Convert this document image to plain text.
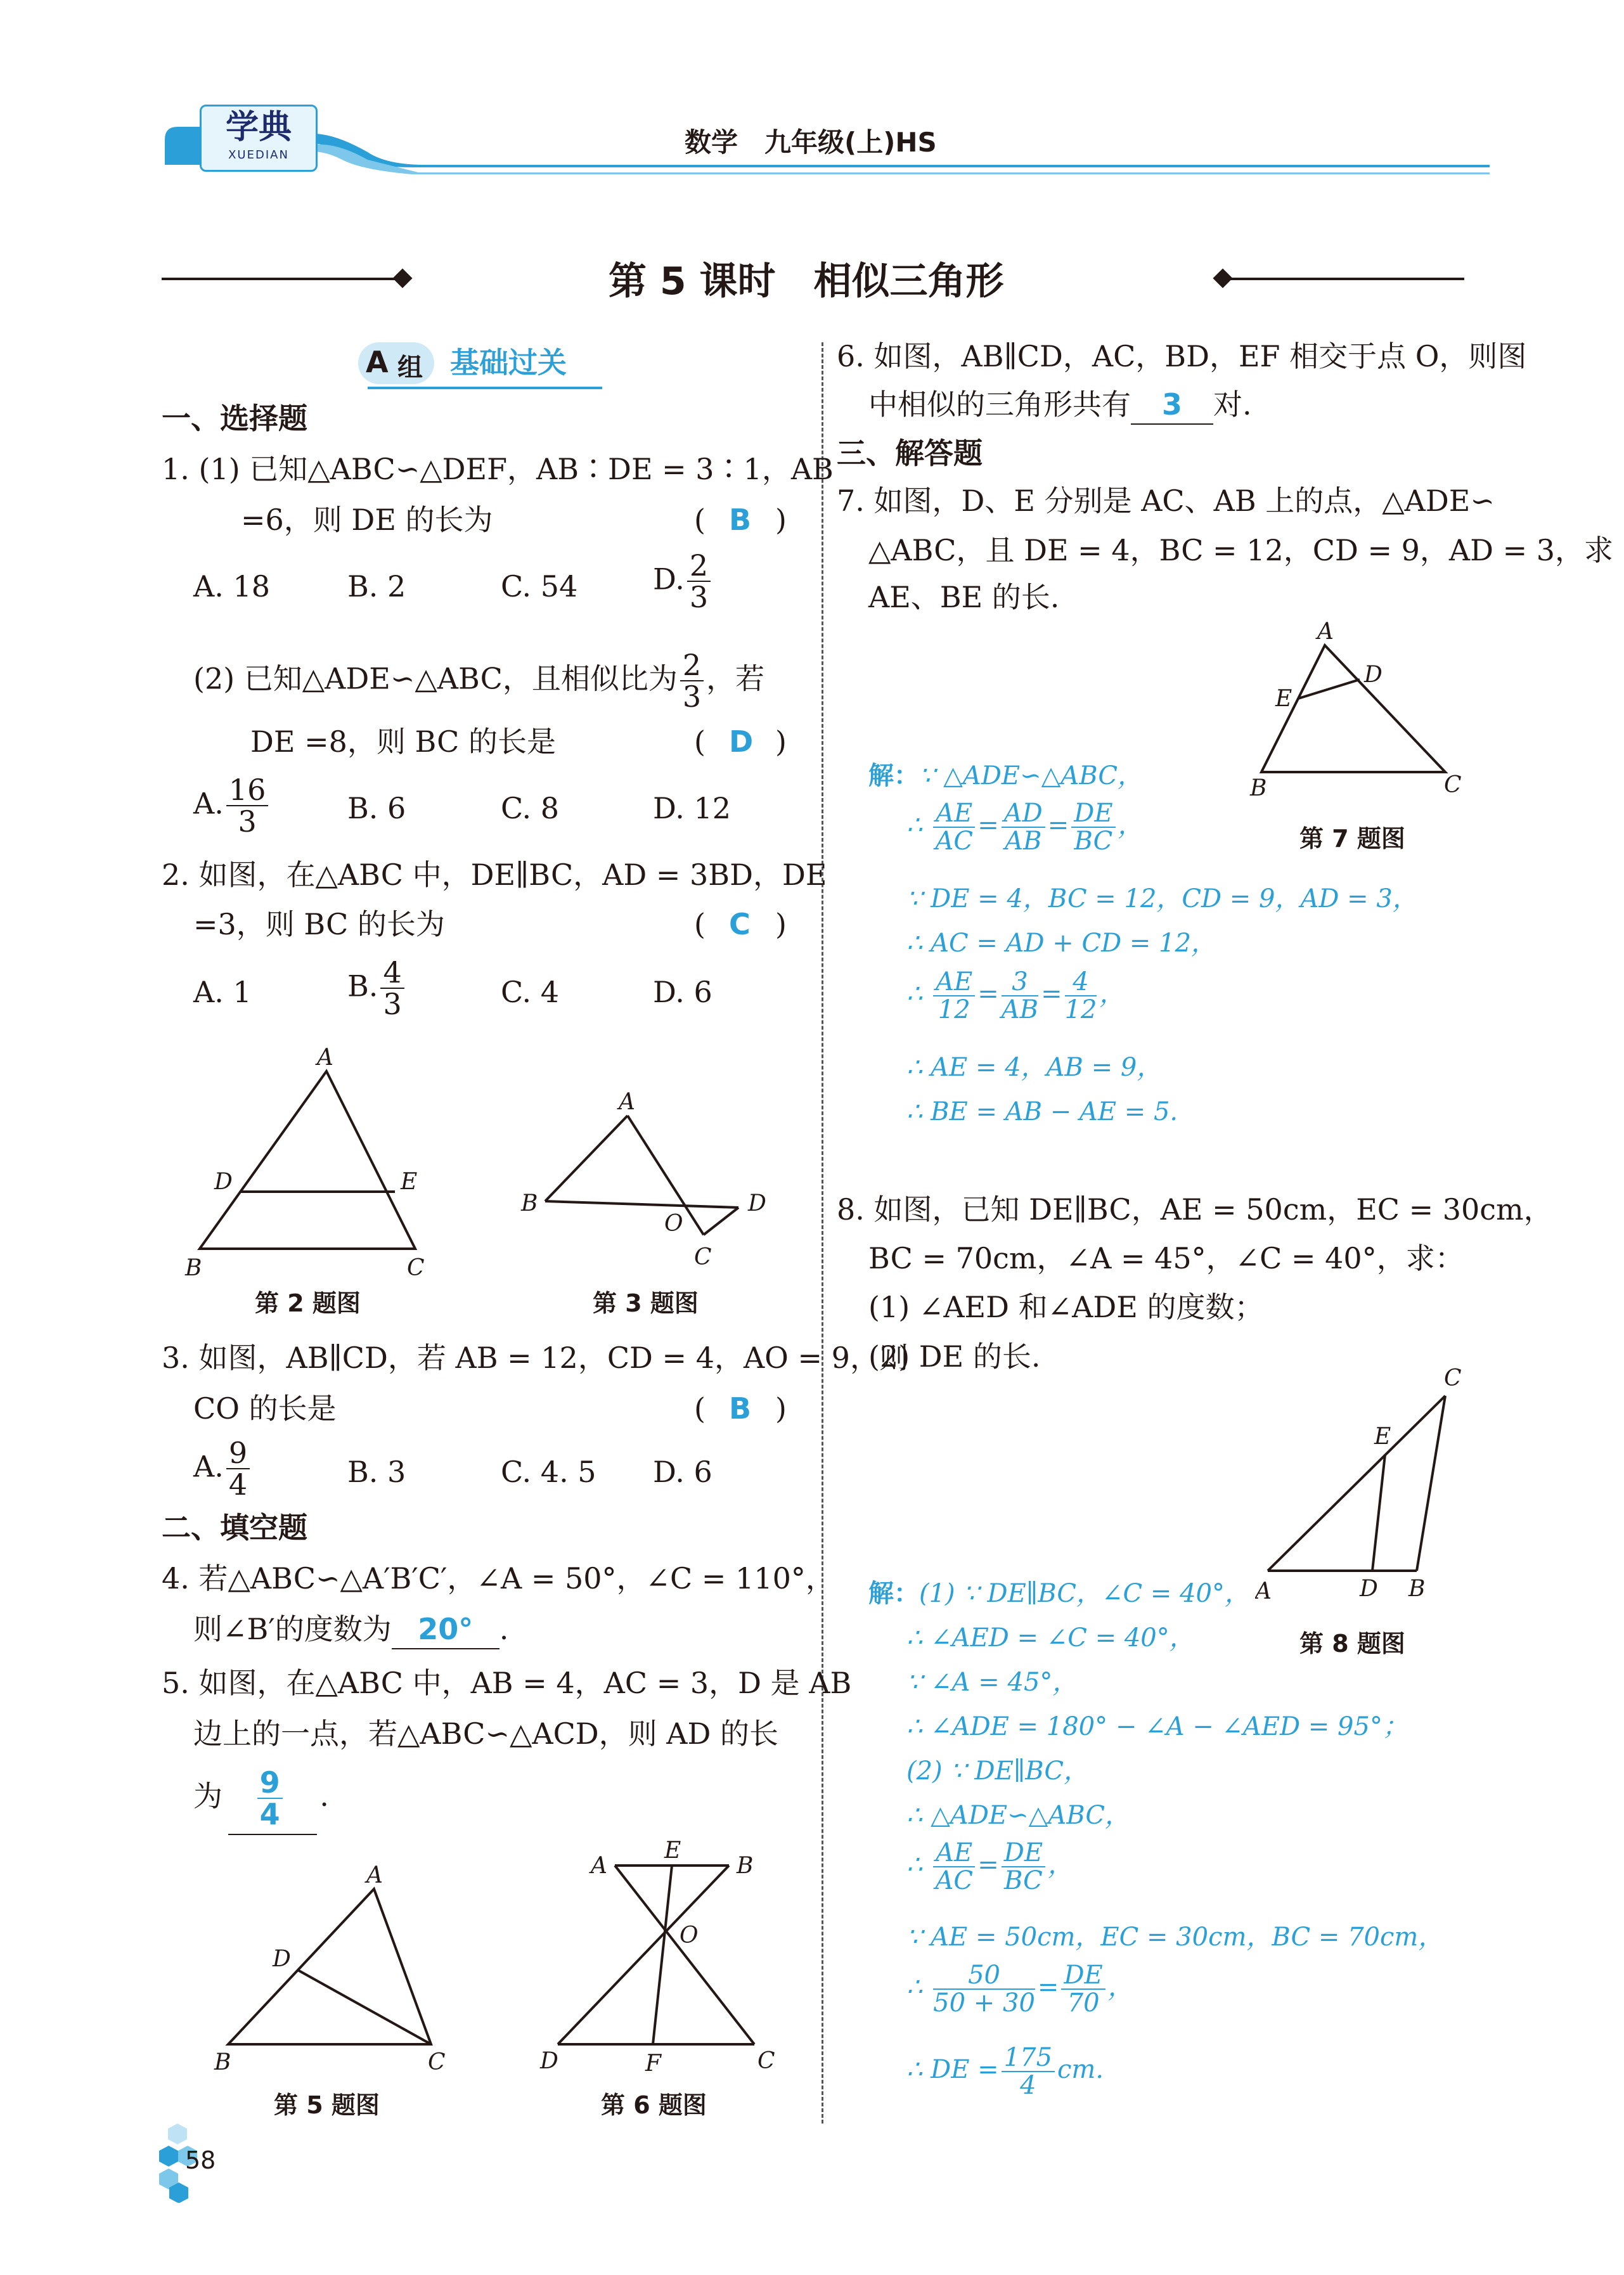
学典
XUEDIAN	数学　九年级(上)HS
第 5 课时　相似三角形
A 组 基础过关
一、选择题
1. (1) 已知△ABC∽△DEF，AB∶DE = 3∶1，AB
=6，则 DE 的长为	( )
B
A. 18	B. 2	C. 54	D. $\frac{2}{3}$
(2) 已知△ADE∽△ABC，且相似比为 $\frac{2}{3}$ ，若
DE =8，则 BC 的长是	( )
D
A. $\frac{16}{3}$	B. 6	C. 8	D. 12
2. 如图，在△ABC 中，DE∥BC，AD = 3BD，DE
=3，则 BC 的长为	( )
C
A. 1	B. $\frac{4}{3}$	C. 4	D. 6
A
D	E
B	C
第 2 题图
A
B
O
D
C
第 3 题图
3. 如图，AB∥CD，若 AB = 12，CD = 4，AO = 9，则
CO 的长是	( )
B
A. $\frac{9}{4}$	B. 3	C. 4. 5 D. 6
二、填空题
4. 若△ABC∽△A′B′C′，∠A = 50°，∠C = 110°，
则∠B′的度数为 20° .
5. 如图，在△ABC 中，AB = 4，AC = 3，D 是 AB
边上的一点，若△ABC∽△ACD，则 AD 的长
为 $\frac{9}{4}$ .
A
D
B	C
第 5 题图
A
E
B
O
D	F	C
第 6 题图
6. 如图，AB∥CD，AC，BD，EF 相交于点 O，则图
中相似的三角形共有 3 对.
三、解答题
7. 如图，D、E 分别是 AC、AB 上的点，△ADE∽
△ABC，且 DE = 4，BC = 12，CD = 9，AD = 3，求
AE、BE 的长.
A
D
E
B	C
第 7 题图
解：∵ △ADE∽△ABC，
∴ $\frac{AE}{AC} = \frac{AD}{AB} = \frac{DE}{BC}$ ，
∵ DE = 4，BC = 12，CD = 9，AD = 3，
∴ AC = AD + CD = 12，
∴ $\frac{AE}{12} = \frac{3}{AB} = \frac{4}{12}$ ，
∴ AE = 4，AB = 9，
∴ BE = AB − AE = 5.
8. 如图，已知 DE∥BC，AE = 50cm，EC = 30cm，
BC = 70cm，∠A = 45°，∠C = 40°，求：
(1) ∠AED 和∠ADE 的度数；
(2) DE 的长.
C
E
A	D B
第 8 题图
解：(1) ∵ DE∥BC，∠C = 40°，
∴ ∠AED = ∠C = 40°，
∵ ∠A = 45°，
∴ ∠ADE = 180° − ∠A − ∠AED = 95°；
(2) ∵ DE∥BC，
∴ △ADE∽△ABC，
∴ $\frac{AE}{AC} = \frac{DE}{BC}$ ，
∵ AE = 50cm，EC = 30cm，BC = 70cm，
∴ $\frac{50}{50 + 30} = \frac{DE}{70}$ ，
∴ DE = $\frac{175}{4}$ cm.
58
